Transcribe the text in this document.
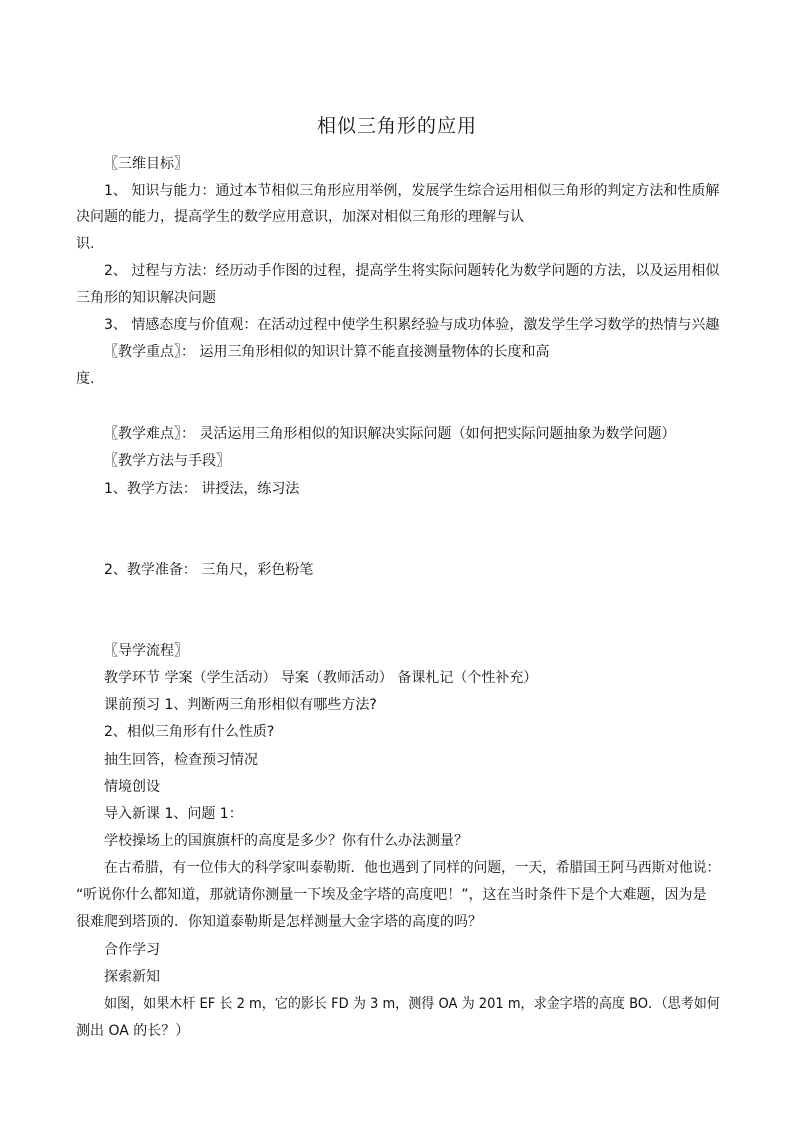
相似三角形的应用
〖三维目标〗
1、 知识与能力：通过本节相似三角形应用举例，发展学生综合运用相似三角形的判定方法和性质解
决问题的能力，提高学生的数学应用意识，加深对相似三角形的理解与认
识.
2、 过程与方法：经历动手作图的过程，提高学生将实际问题转化为数学问题的方法，以及运用相似
三角形的知识解决问题
3、 情感态度与价值观：在活动过程中使学生积累经验与成功体验，激发学生学习数学的热情与兴趣
〖教学重点〗： 运用三角形相似的知识计算不能直接测量物体的长度和高
度.
〖教学难点〗： 灵活运用三角形相似的知识解决实际问题（如何把实际问题抽象为数学问题）
〖教学方法与手段〗
1、教学方法： 讲授法，练习法
2、教学准备： 三角尺，彩色粉笔
〖导学流程〗
教学环节 学案（学生活动） 导案（教师活动） 备课札记（个性补充）
课前预习 1、判断两三角形相似有哪些方法?
2、相似三角形有什么性质?
抽生回答，检查预习情况
情境创设
导入新课 1、问题 1：
学校操场上的国旗旗杆的高度是多少？你有什么办法测量？
在古希腊，有一位伟大的科学家叫泰勒斯．他也遇到了同样的问题，一天，希腊国王阿马西斯对他说：
“听说你什么都知道，那就请你测量一下埃及金字塔的高度吧！”，这在当时条件下是个大难题，因为是
很难爬到塔顶的．你知道泰勒斯是怎样测量大金字塔的高度的吗？
合作学习
探索新知
如图，如果木杆 EF 长 2 m，它的影长 FD 为 3 m，测得 OA 为 201 m，求金字塔的高度 BO．（思考如何
测出 OA 的长？）
